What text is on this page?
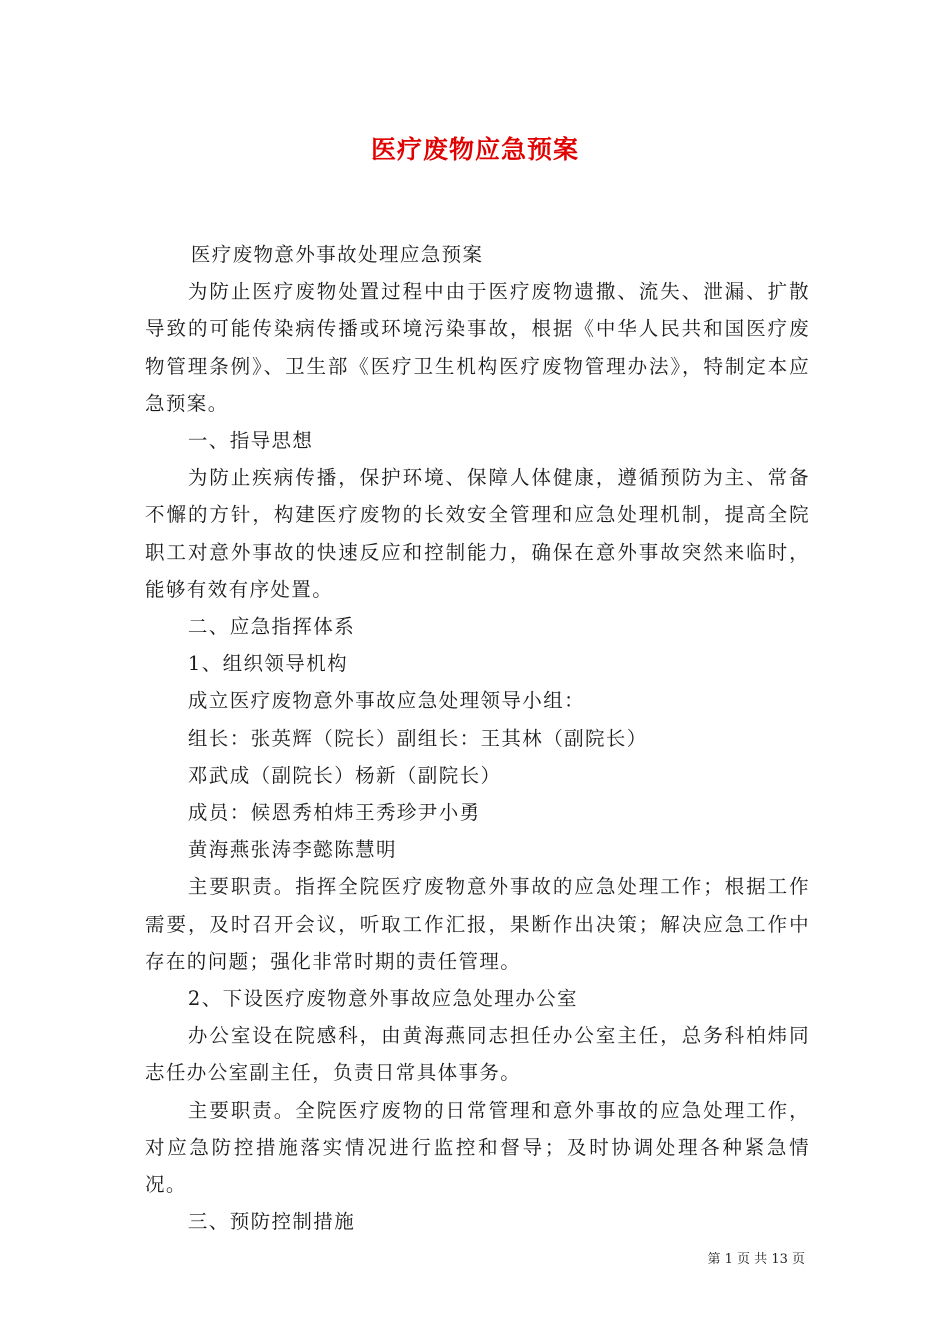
医疗废物应急预案

医疗废物意外事故处理应急预案

为防止医疗废物处置过程中由于医疗废物遗撒、流失、泄漏、扩散导致的可能传染病传播或环境污染事故，根据《中华人民共和国医疗废物管理条例》、卫生部《医疗卫生机构医疗废物管理办法》，特制定本应急预案。

一、指导思想

为防止疾病传播，保护环境、保障人体健康，遵循预防为主、常备不懈的方针，构建医疗废物的长效安全管理和应急处理机制，提高全院职工对意外事故的快速反应和控制能力，确保在意外事故突然来临时，能够有效有序处置。

二、应急指挥体系

1、组织领导机构

成立医疗废物意外事故应急处理领导小组：

组长：张英辉（院长）副组长：王其林（副院长）

邓武成（副院长）杨新（副院长）

成员：候恩秀柏炜王秀珍尹小勇

黄海燕张涛李懿陈慧明

主要职责。指挥全院医疗废物意外事故的应急处理工作；根据工作需要，及时召开会议，听取工作汇报，果断作出决策；解决应急工作中存在的问题；强化非常时期的责任管理。

2、下设医疗废物意外事故应急处理办公室

办公室设在院感科，由黄海燕同志担任办公室主任，总务科柏炜同志任办公室副主任，负责日常具体事务。

主要职责。全院医疗废物的日常管理和意外事故的应急处理工作，对应急防控措施落实情况进行监控和督导；及时协调处理各种紧急情况。

三、预防控制措施

第 1 页 共 13 页
